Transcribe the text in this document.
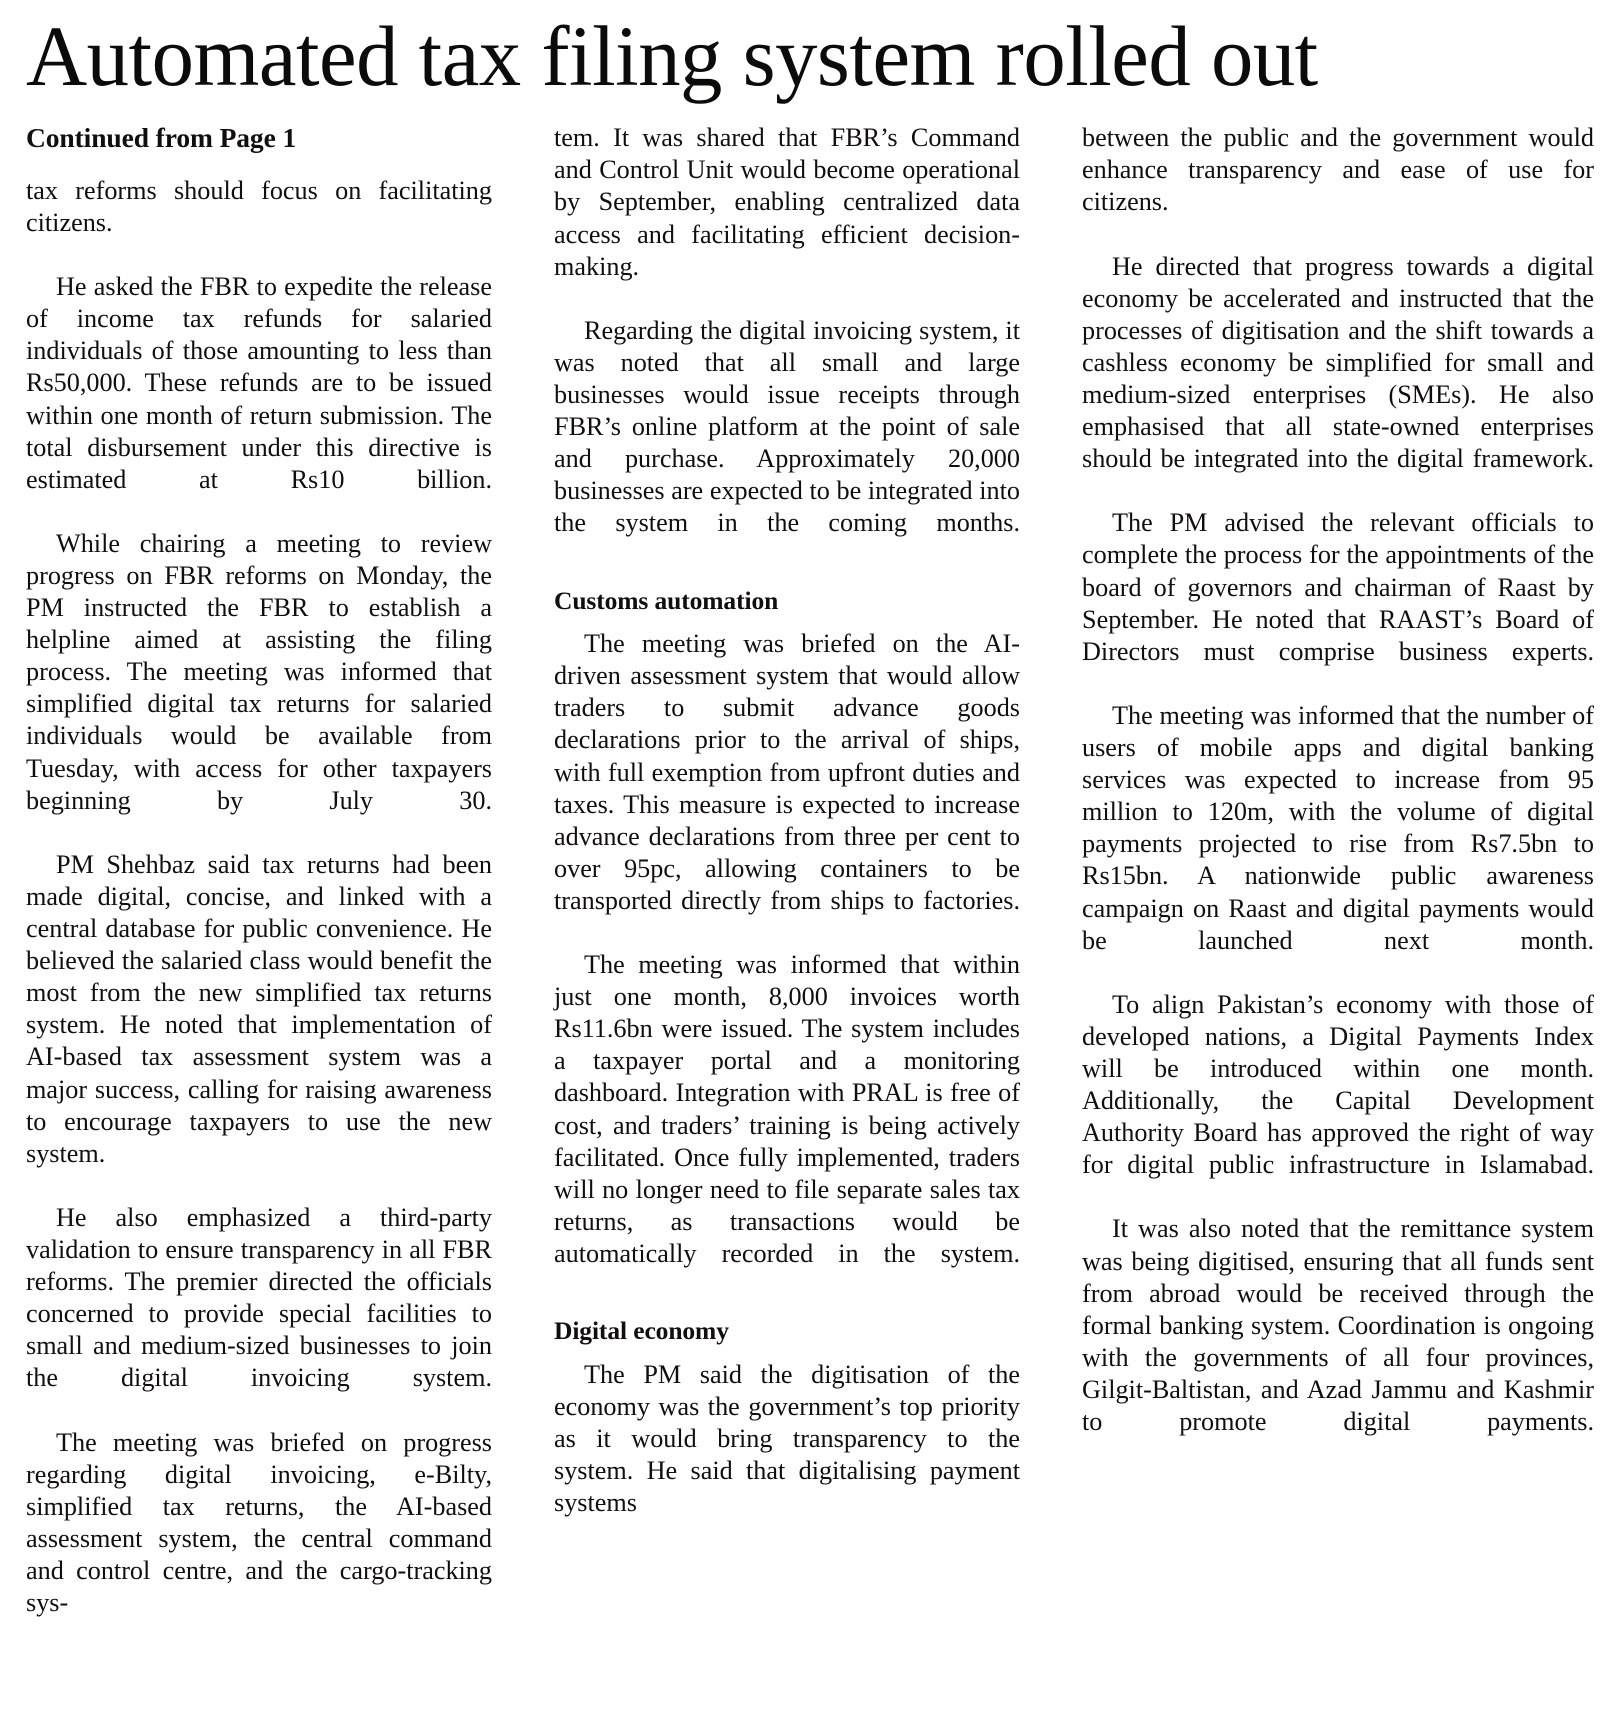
Automated tax filing system rolled out
Continued from Page 1

tax reforms should focus on facilitating citizens.

He asked the FBR to expedite the release of income tax refunds for salaried individuals of those amounting to less than Rs50,000. These refunds are to be issued within one month of return submission. The total disbursement under this directive is estimated at Rs10 billion.

While chairing a meeting to review progress on FBR reforms on Monday, the PM instructed the FBR to establish a helpline aimed at assisting the filing process. The meeting was informed that simplified digital tax returns for salaried individuals would be available from Tuesday, with access for other taxpayers beginning by July 30.

PM Shehbaz said tax returns had been made digital, concise, and linked with a central database for public convenience. He believed the salaried class would benefit the most from the new simplified tax returns system. He noted that implementation of AI-based tax assessment system was a major success, calling for raising awareness to encourage taxpayers to use the new system.

He also emphasized a third-party validation to ensure transparency in all FBR reforms. The premier directed the officials concerned to provide special facilities to small and medium-sized businesses to join the digital invoicing system.

The meeting was briefed on progress regarding digital invoicing, e-Bilty, simplified tax returns, the AI-based assessment system, the central command and control centre, and the cargo-tracking sys-

tem. It was shared that FBR’s Command and Control Unit would become operational by September, enabling centralized data access and facilitating efficient decision-making.

Regarding the digital invoicing system, it was noted that all small and large businesses would issue receipts through FBR’s online platform at the point of sale and purchase. Approximately 20,000 businesses are expected to be integrated into the system in the coming months.

Customs automation

The meeting was briefed on the AI-driven assessment system that would allow traders to submit advance goods declarations prior to the arrival of ships, with full exemption from upfront duties and taxes. This measure is expected to increase advance declarations from three per cent to over 95pc, allowing containers to be transported directly from ships to factories.

The meeting was informed that within just one month, 8,000 invoices worth Rs11.6bn were issued. The system includes a taxpayer portal and a monitoring dashboard. Integration with PRAL is free of cost, and traders’ training is being actively facilitated. Once fully implemented, traders will no longer need to file separate sales tax returns, as transactions would be automatically recorded in the system.

Digital economy

The PM said the digitisation of the economy was the government’s top priority as it would bring transparency to the system. He said that digitalising payment systems

between the public and the government would enhance transparency and ease of use for citizens.

He directed that progress towards a digital economy be accelerated and instructed that the processes of digitisation and the shift towards a cashless economy be simplified for small and medium-sized enterprises (SMEs). He also emphasised that all state-owned enterprises should be integrated into the digital framework.

The PM advised the relevant officials to complete the process for the appointments of the board of governors and chairman of Raast by September. He noted that RAAST’s Board of Directors must comprise business experts.

The meeting was informed that the number of users of mobile apps and digital banking services was expected to increase from 95 million to 120m, with the volume of digital payments projected to rise from Rs7.5bn to Rs15bn. A nationwide public awareness campaign on Raast and digital payments would be launched next month.

To align Pakistan’s economy with those of developed nations, a Digital Payments Index will be introduced within one month. Additionally, the Capital Development Authority Board has approved the right of way for digital public infrastructure in Islamabad.

It was also noted that the remittance system was being digitised, ensuring that all funds sent from abroad would be received through the formal banking system. Coordination is ongoing with the governments of all four provinces, Gilgit-Baltistan, and Azad Jammu and Kashmir to promote digital payments.
